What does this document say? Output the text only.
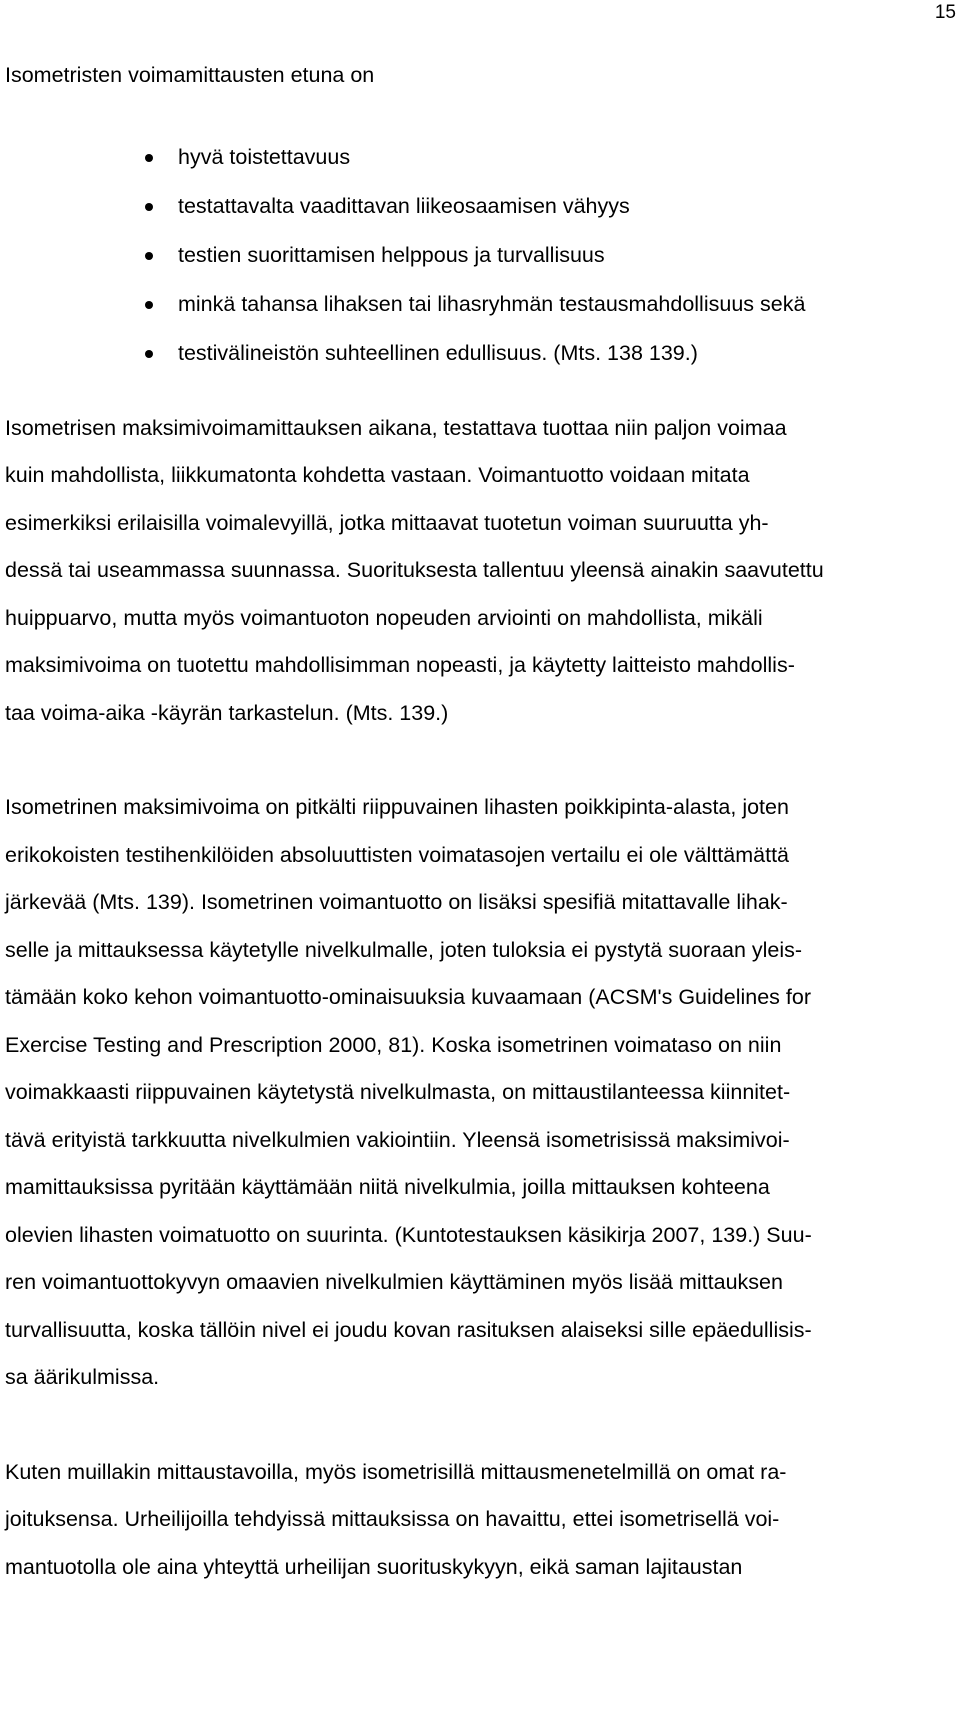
15

Isometristen voimamittausten etuna on

hyvä toistettavuus
testattavalta vaadittavan liikeosaamisen vähyys
testien suorittamisen helppous ja turvallisuus
minkä tahansa lihaksen tai lihasryhmän testausmahdollisuus sekä
testivälineistön suhteellinen edullisuus. (Mts. 138 139.)

Isometrisen maksimivoimamittauksen aikana, testattava tuottaa niin paljon voimaa
kuin mahdollista, liikkumatonta kohdetta vastaan. Voimantuotto voidaan mitata
esimerkiksi erilaisilla voimalevyillä, jotka mittaavat tuotetun voiman suuruutta yh-
dessä tai useammassa suunnassa. Suorituksesta tallentuu yleensä ainakin saavutettu
huippuarvo, mutta myös voimantuoton nopeuden arviointi on mahdollista, mikäli
maksimivoima on tuotettu mahdollisimman nopeasti, ja käytetty laitteisto mahdollis-
taa voima-aika -käyrän tarkastelun. (Mts. 139.)

Isometrinen maksimivoima on pitkälti riippuvainen lihasten poikkipinta-alasta, joten
erikokoisten testihenkilöiden absoluuttisten voimatasojen vertailu ei ole välttämättä
järkevää (Mts. 139). Isometrinen voimantuotto on lisäksi spesifiä mitattavalle lihak-
selle ja mittauksessa käytetylle nivelkulmalle, joten tuloksia ei pystytä suoraan yleis-
tämään koko kehon voimantuotto-ominaisuuksia kuvaamaan (ACSM's Guidelines for
Exercise Testing and Prescription 2000, 81). Koska isometrinen voimataso on niin
voimakkaasti riippuvainen käytetystä nivelkulmasta, on mittaustilanteessa kiinnitet-
tävä erityistä tarkkuutta nivelkulmien vakiointiin. Yleensä isometrisissä maksimivoi-
mamittauksissa pyritään käyttämään niitä nivelkulmia, joilla mittauksen kohteena
olevien lihasten voimatuotto on suurinta. (Kuntotestauksen käsikirja 2007, 139.) Suu-
ren voimantuottokyvyn omaavien nivelkulmien käyttäminen myös lisää mittauksen
turvallisuutta, koska tällöin nivel ei joudu kovan rasituksen alaiseksi sille epäedullisis-
sa äärikulmissa.

Kuten muillakin mittaustavoilla, myös isometrisillä mittausmenetelmillä on omat ra-
joituksensa. Urheilijoilla tehdyissä mittauksissa on havaittu, ettei isometrisellä voi-
mantuotolla ole aina yhteyttä urheilijan suorituskykyyn, eikä saman lajitaustan
